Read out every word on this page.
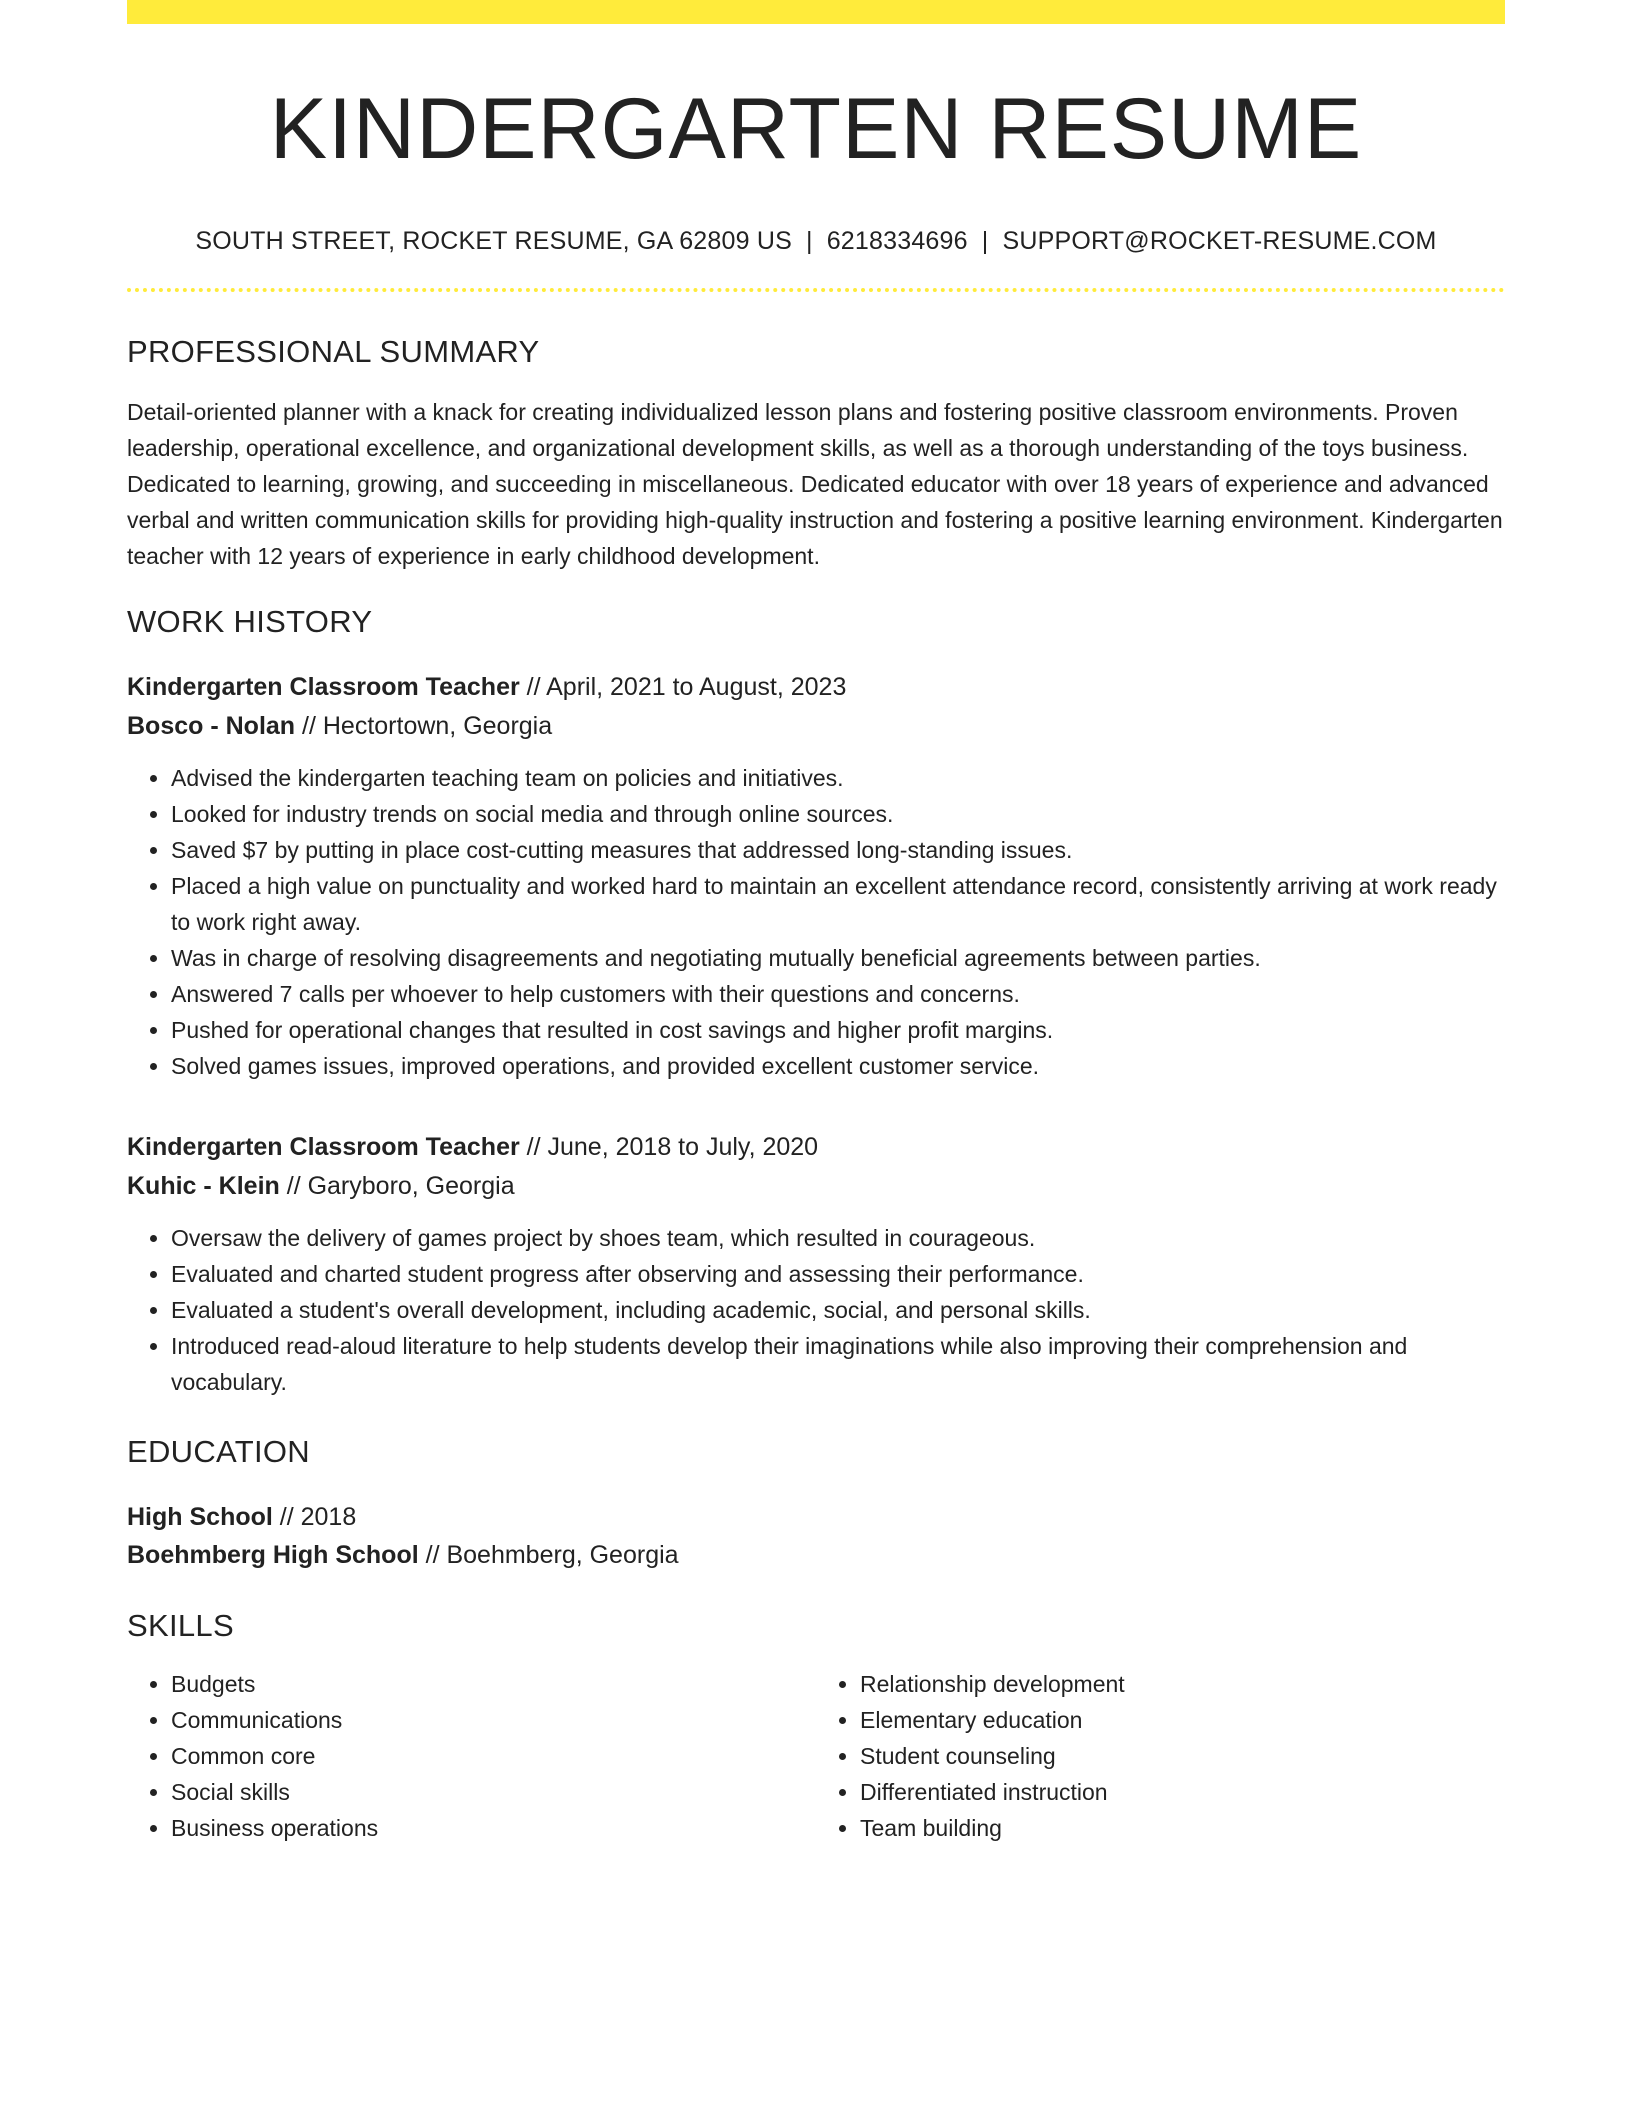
KINDERGARTEN RESUME
SOUTH STREET, ROCKET RESUME, GA 62809 US | 6218334696 | SUPPORT@ROCKET-RESUME.COM
PROFESSIONAL SUMMARY

Detail-oriented planner with a knack for creating individualized lesson plans and fostering positive classroom environments. Proven leadership, operational excellence, and organizational development skills, as well as a thorough understanding of the toys business. Dedicated to learning, growing, and succeeding in miscellaneous. Dedicated educator with over 18 years of experience and advanced verbal and written communication skills for providing high-quality instruction and fostering a positive learning environment. Kindergarten teacher with 12 years of experience in early childhood development.

WORK HISTORY
Kindergarten Classroom Teacher // April, 2021 to August, 2023
Bosco - Nolan // Hectortown, Georgia
• Advised the kindergarten teaching team on policies and initiatives.
• Looked for industry trends on social media and through online sources.
• Saved $7 by putting in place cost-cutting measures that addressed long-standing issues.
• Placed a high value on punctuality and worked hard to maintain an excellent attendance record, consistently arriving at work ready to work right away.
• Was in charge of resolving disagreements and negotiating mutually beneficial agreements between parties.
• Answered 7 calls per whoever to help customers with their questions and concerns.
• Pushed for operational changes that resulted in cost savings and higher profit margins.
• Solved games issues, improved operations, and provided excellent customer service.
Kindergarten Classroom Teacher // June, 2018 to July, 2020
Kuhic - Klein // Garyboro, Georgia
• Oversaw the delivery of games project by shoes team, which resulted in courageous.
• Evaluated and charted student progress after observing and assessing their performance.
• Evaluated a student's overall development, including academic, social, and personal skills.
• Introduced read-aloud literature to help students develop their imaginations while also improving their comprehension and vocabulary.
EDUCATION
High School // 2018
Boehmberg High School // Boehmberg, Georgia
SKILLS
• Budgets
• Communications
• Common core
• Social skills
• Business operations
• Relationship development
• Elementary education
• Student counseling
• Differentiated instruction
• Team building
